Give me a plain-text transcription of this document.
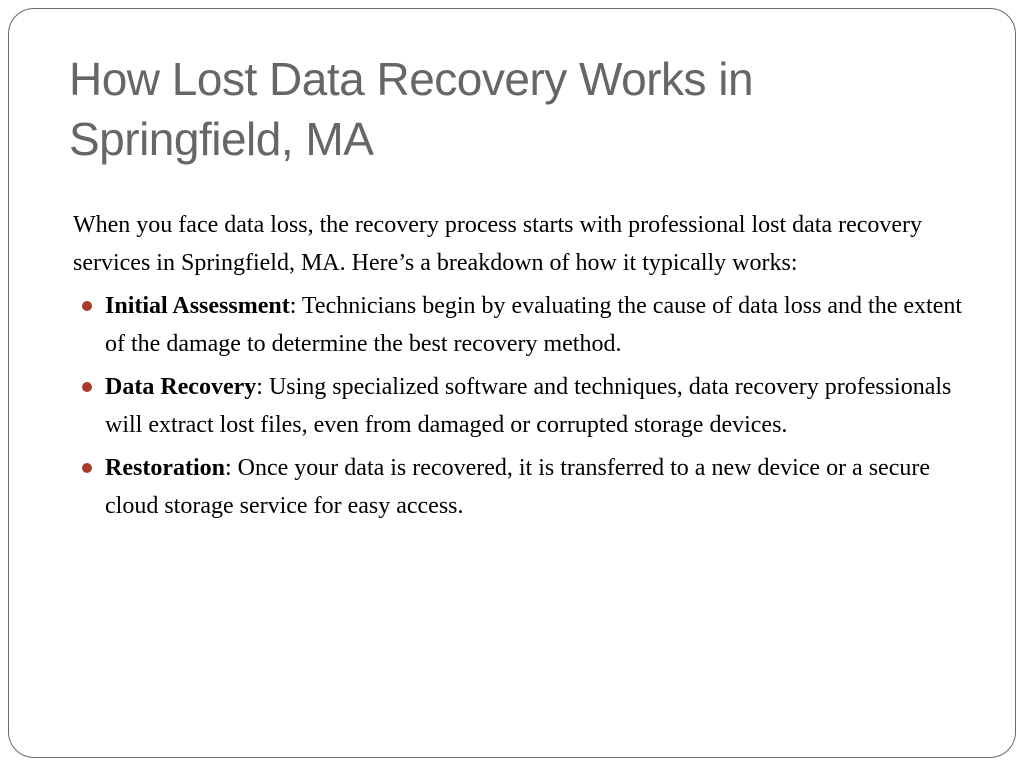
How Lost Data Recovery Works in Springfield, MA

When you face data loss, the recovery process starts with professional lost data recovery services in Springfield, MA. Here’s a breakdown of how it typically works:

Initial Assessment: Technicians begin by evaluating the cause of data loss and the extent of the damage to determine the best recovery method.
Data Recovery: Using specialized software and techniques, data recovery professionals will extract lost files, even from damaged or corrupted storage devices.
Restoration: Once your data is recovered, it is transferred to a new device or a secure cloud storage service for easy access.
